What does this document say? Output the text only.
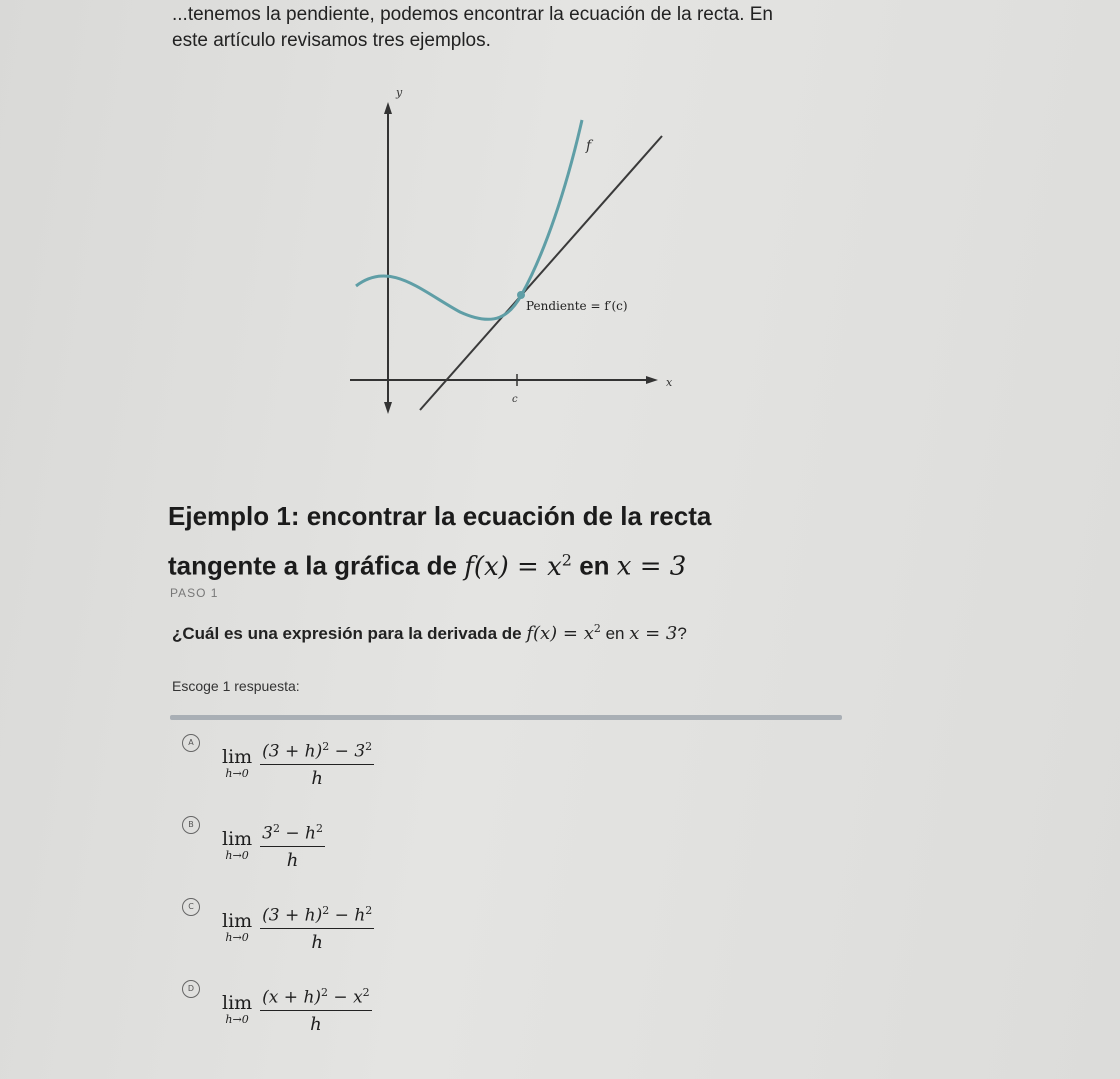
...tenemos la pendiente, podemos encontrar la ecuación de la recta. En
este artículo revisamos tres ejemplos.
c
y
x
f
Pendiente = f′(c)
Ejemplo 1: encontrar la ecuación de la recta
tangente a la gráfica de $f(x) = x^2$ en x = 3
PASO 1
¿Cuál es una expresión para la derivada de $f(x) = x^2$ en x = 3?
Escoge 1 respuesta:
A
lim
$h\to 0 \frac{(3 + h)^2 - 3^2}{h}$
B
lim
$h\to 0 \frac{3^2 - h^2}{h}$
C
lim
$h\to 0 \frac{(3 + h)^2 - h^2}{h}$
D
lim
$h\to 0 \frac{(x + h)^2 - x^2}{h}$
